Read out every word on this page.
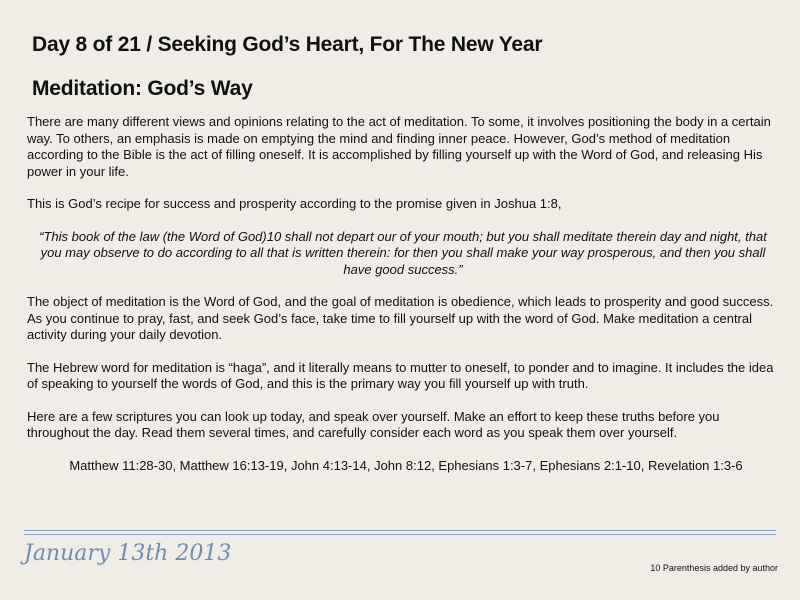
Day 8 of 21 / Seeking God’s Heart, For The New Year
Meditation: God’s Way

There are many different views and opinions relating to the act of meditation. To some, it involves positioning the body in a certain way. To others, an emphasis is made on emptying the mind and finding inner peace. However, God’s method of meditation according to the Bible is the act of filling oneself. It is accomplished by filling yourself up with the Word of God, and releasing His power in your life.

This is God’s recipe for success and prosperity according to the promise given in Joshua 1:8,

“This book of the law (the Word of God)10 shall not depart our of your mouth; but you shall meditate therein day and night, that you may observe to do according to all that is written therein: for then you shall make your way prosperous, and then you shall have good success.”

The object of meditation is the Word of God, and the goal of meditation is obedience, which leads to prosperity and good success. As you continue to pray, fast, and seek God’s face, take time to fill yourself up with the word of God. Make meditation a central activity during your daily devotion.

The Hebrew word for meditation is “haga”, and it literally means to mutter to oneself, to ponder and to imagine. It includes the idea of speaking to yourself the words of God, and this is the primary way you fill yourself up with truth.

Here are a few scriptures you can look up today, and speak over yourself. Make an effort to keep these truths before you throughout the day. Read them several times, and carefully consider each word as you speak them over yourself.

Matthew 11:28-30, Matthew 16:13-19, John 4:13-14, John 8:12, Ephesians 1:3-7, Ephesians 2:1-10, Revelation 1:3-6

January 13th 2013
10 Parenthesis added by author
